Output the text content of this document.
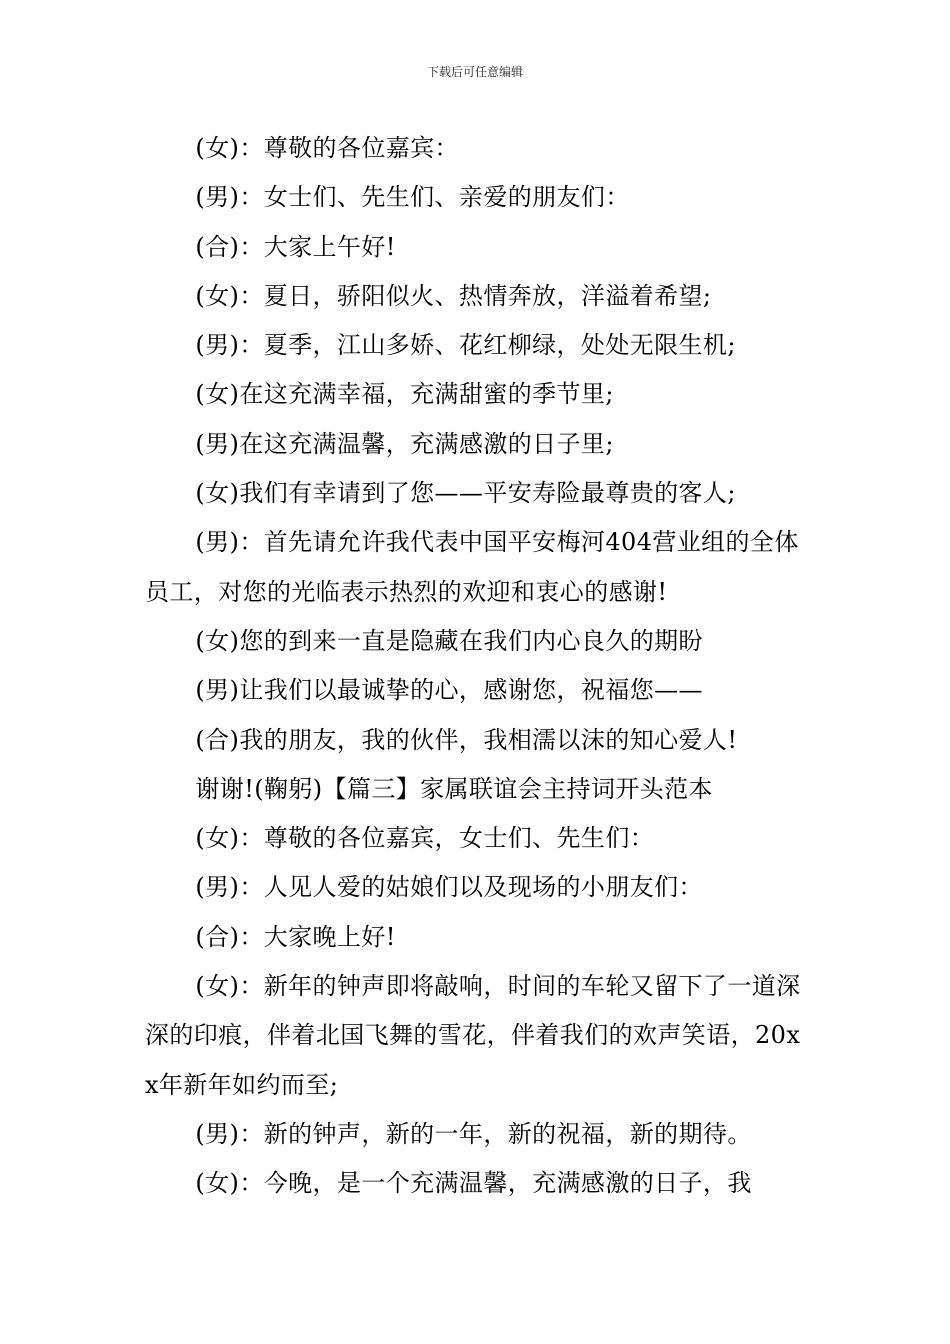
下载后可任意编辑

(女)：尊敬的各位嘉宾：

(男)：女士们、先生们、亲爱的朋友们：

(合)：大家上午好!

(女)：夏日，骄阳似火、热情奔放，洋溢着希望;

(男)：夏季，江山多娇、花红柳绿，处处无限生机;

(女)在这充满幸福，充满甜蜜的季节里;

(男)在这充满温馨，充满感激的日子里;

(女)我们有幸请到了您——平安寿险最尊贵的客人;

(男)：首先请允许我代表中国平安梅河404营业组的全体员工，对您的光临表示热烈的欢迎和衷心的感谢!

(女)您的到来一直是隐藏在我们内心良久的期盼

(男)让我们以最诚挚的心，感谢您，祝福您——

(合)我的朋友，我的伙伴，我相濡以沫的知心爱人!

谢谢!(鞠躬)【篇三】家属联谊会主持词开头范本

(女)：尊敬的各位嘉宾，女士们、先生们：

(男)：人见人爱的姑娘们以及现场的小朋友们：

(合)：大家晚上好!

(女)：新年的钟声即将敲响，时间的车轮又留下了一道深深的印痕，伴着北国飞舞的雪花，伴着我们的欢声笑语，20xx年新年如约而至;

(男)：新的钟声，新的一年，新的祝福，新的期待。

(女)：今晚，是一个充满温馨，充满感激的日子，我
